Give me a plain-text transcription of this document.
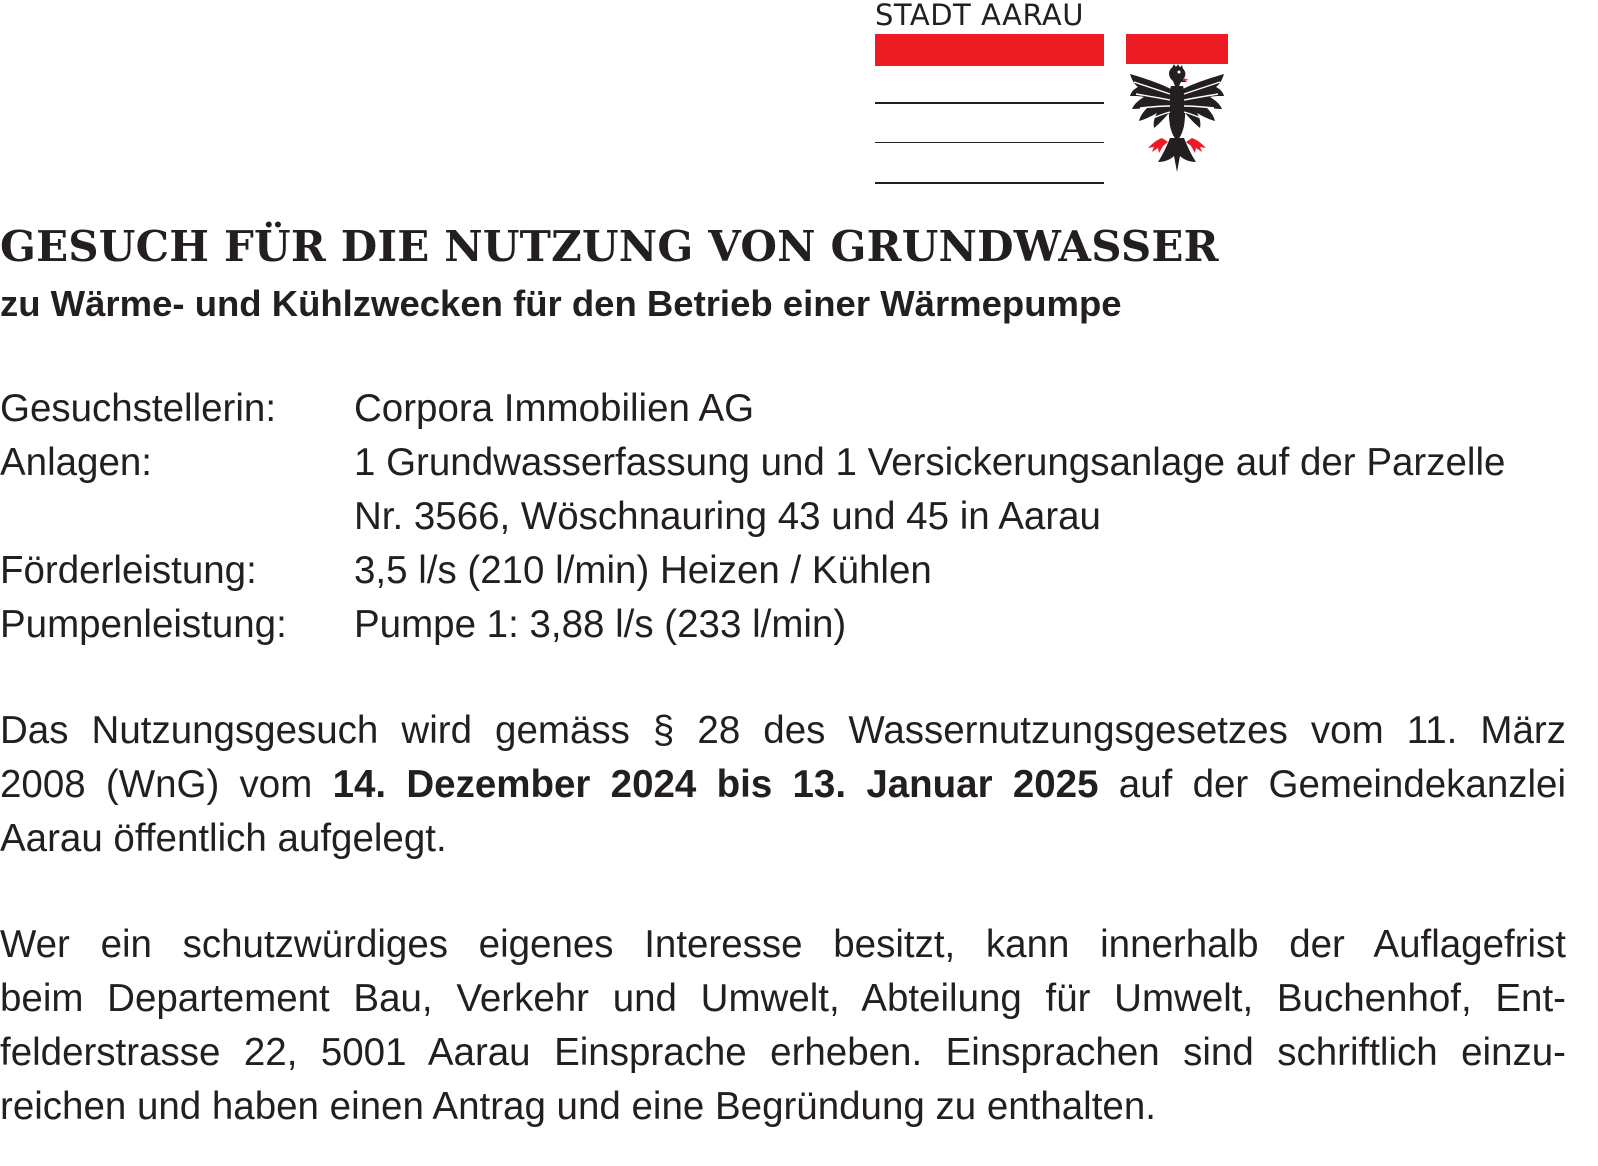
STADT AARAU
GESUCH FÜR DIE NUTZUNG VON GRUNDWASSER
zu Wärme- und Kühlzwecken für den Betrieb einer Wärmepumpe
Gesuchstellerin:	Corpora Immobilien AG
Anlagen:	1 Grundwasserfassung und 1 Versickerungsanlage auf der Parzelle
Nr. 3566, Wöschnauring 43 und 45 in Aarau
Förderleistung:	3,5 l/s (210 l/min) Heizen / Kühlen
Pumpenleistung:	Pumpe 1: 3,88 l/s (233 l/min)

Das Nutzungsgesuch wird gemäss § 28 des Wassernutzungsgesetzes vom 11. März
2008 (WnG) vom 14. Dezember 2024 bis 13. Januar 2025 auf der Gemeindekanzlei
Aarau öffentlich aufgelegt.

Wer ein schutzwürdiges eigenes Interesse besitzt, kann innerhalb der Auflagefrist
beim Departement Bau, Verkehr und Umwelt, Abteilung für Umwelt, Buchenhof, Ent-
felderstrasse 22, 5001 Aarau Einsprache erheben. Einsprachen sind schriftlich einzu-
reichen und haben einen Antrag und eine Begründung zu enthalten.
